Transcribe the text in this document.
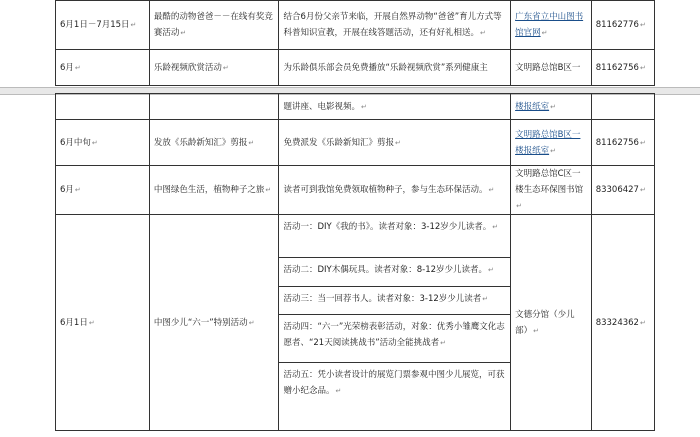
6月1日－7月15日↵	最酷的动物爸爸－－在线有奖竞赛活动↵	结合6月份父亲节来临，开展自然界动物“爸爸”育儿方式等科普知识宣教，开展在线答题活动，还有好礼相送。↵	广东省立中山图书馆官网↵	81162776↵
6月↵	乐龄视频欣赏活动↵	为乐龄俱乐部会员免费播放“乐龄视频欣赏”系列健康主	文明路总馆B区一	81162756↵
		题讲座、电影视频。↵	楼报纸室↵	
6月中旬↵	发放《乐龄新知汇》剪报↵	免费派发《乐龄新知汇》剪报↵	文明路总馆B区一楼报纸室↵	81162756↵
6月↵	中图绿色生活，植物种子之旅↵	读者可到我馆免费领取植物种子，参与生态环保活动。↵	文明路总馆C区一楼生态环保图书馆↵	83306427↵
6月1日↵	中图少儿“六一”特别活动↵	活动一：DIY《我的书》。读者对象：3-12岁少儿读者。↵
活动二：DIY木偶玩具。读者对象：8-12岁少儿读者。↵
活动三：当一回荐书人。读者对象：3-12岁少儿读者↵
活动四：“六一”光荣榜表彰活动，对象：优秀小雏鹰文化志愿者、“21天阅读挑战书”活动全能挑战者↵
活动五：凭小读者设计的展览门票参观中图少儿展览，可获赠小纪念品。↵	文德分馆（少儿部）↵	83324362↵
